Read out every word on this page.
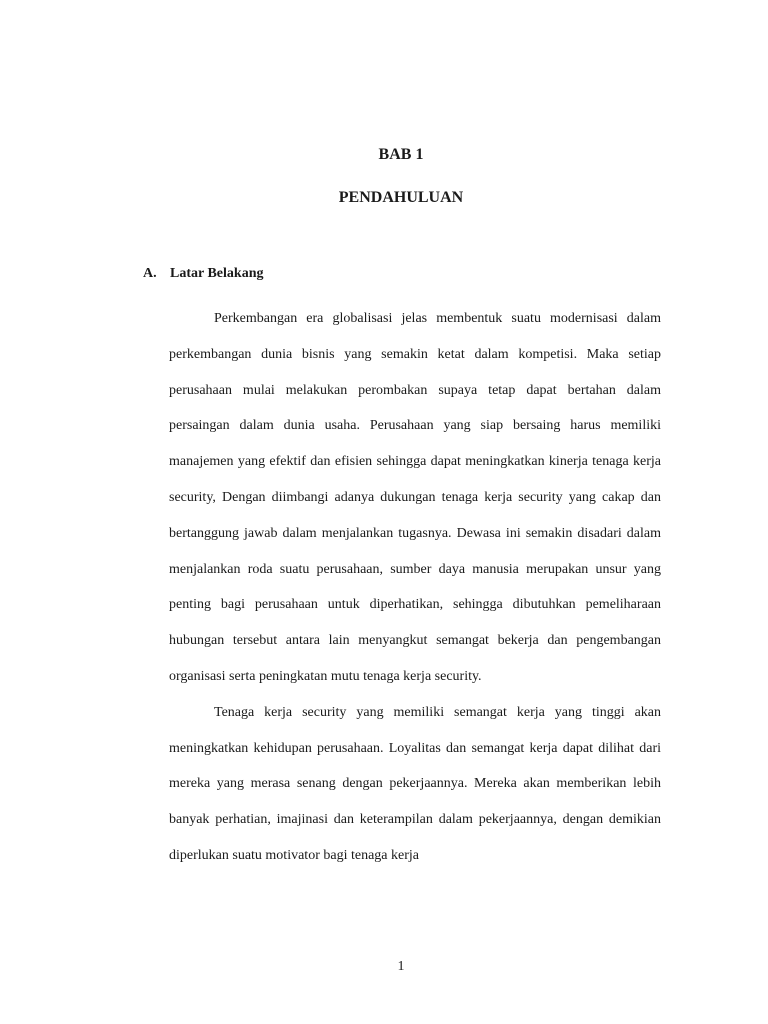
BAB 1
PENDAHULUAN
A. Latar Belakang

Perkembangan era globalisasi jelas membentuk suatu modernisasi dalam perkembangan dunia bisnis yang semakin ketat dalam kompetisi. Maka setiap perusahaan mulai melakukan perombakan supaya tetap dapat bertahan dalam persaingan dalam dunia usaha. Perusahaan yang siap bersaing harus memiliki manajemen yang efektif dan efisien sehingga dapat meningkatkan kinerja tenaga kerja security, Dengan diimbangi adanya dukungan tenaga kerja security yang cakap dan bertanggung jawab dalam menjalankan tugasnya. Dewasa ini semakin disadari dalam menjalankan roda suatu perusahaan, sumber daya manusia merupakan unsur yang penting bagi perusahaan untuk diperhatikan, sehingga dibutuhkan pemeliharaan hubungan tersebut antara lain menyangkut semangat bekerja dan pengembangan organisasi serta peningkatan mutu tenaga kerja security.

Tenaga kerja security yang memiliki semangat kerja yang tinggi akan meningkatkan kehidupan perusahaan. Loyalitas dan semangat kerja dapat dilihat dari mereka yang merasa senang dengan pekerjaannya. Mereka akan memberikan lebih banyak perhatian, imajinasi dan keterampilan dalam pekerjaannya, dengan demikian diperlukan suatu motivator bagi tenaga kerja

1
